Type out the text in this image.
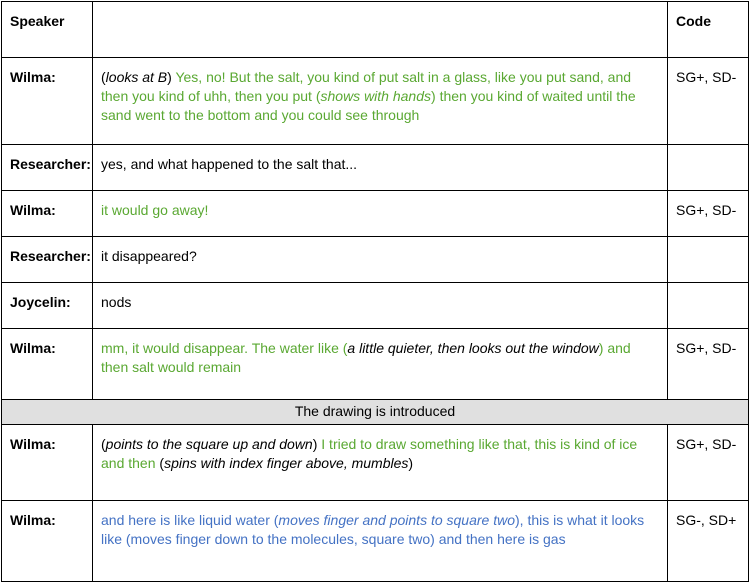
Speaker		Code
Wilma:	(looks at B) Yes, no! But the salt, you kind of put salt in a glass, like you put sand, and then you kind of uhh, then you put (shows with hands) then you kind of waited until the sand went to the bottom and you could see through	SG+, SD-
Researcher:	yes, and what happened to the salt that...	
Wilma:	it would go away!	SG+, SD-
Researcher:	it disappeared?	
Joycelin:	nods	
Wilma:	mm, it would disappear. The water like (a little quieter, then looks out the window) and then salt would remain	SG+, SD-
The drawing is introduced		
Wilma:	(points to the square up and down) I tried to draw something like that, this is kind of ice and then (spins with index finger above, mumbles)	SG+, SD-
Wilma:	and here is like liquid water (moves finger and points to square two), this is what it looks like (moves finger down to the molecules, square two) and then here is gas	SG-, SD+
